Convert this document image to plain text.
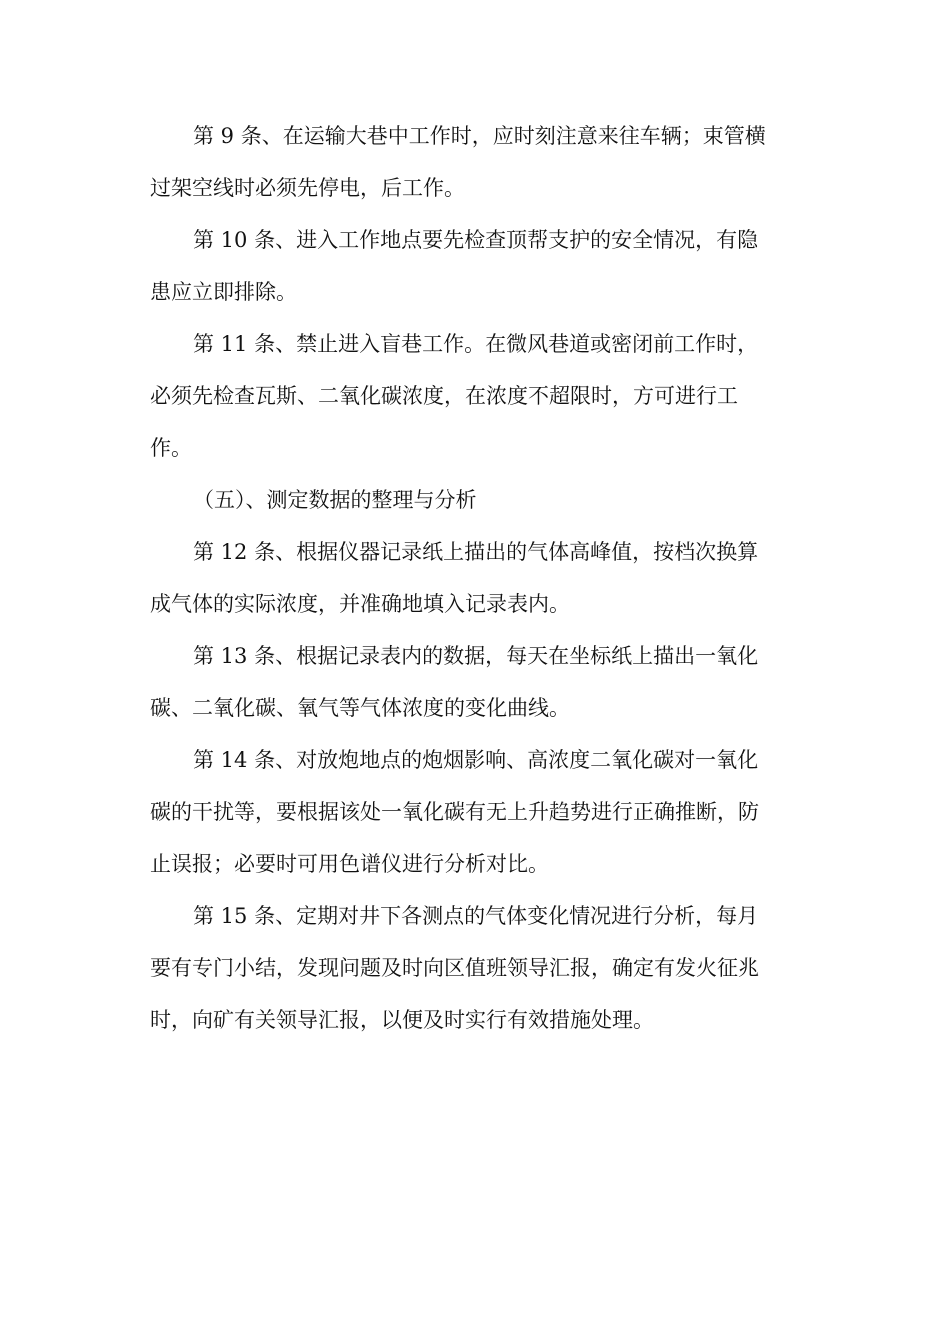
第 9 条、在运输大巷中工作时，应时刻注意来往车辆；束管横
过架空线时必须先停电，后工作。
第 10 条、进入工作地点要先检查顶帮支护的安全情况，有隐
患应立即排除。
第 11 条、禁止进入盲巷工作。在微风巷道或密闭前工作时，
必须先检查瓦斯、二氧化碳浓度，在浓度不超限时，方可进行工
作。
（五）、测定数据的整理与分析
第 12 条、根据仪器记录纸上描出的气体高峰值，按档次换算
成气体的实际浓度，并准确地填入记录表内。
第 13 条、根据记录表内的数据，每天在坐标纸上描出一氧化
碳、二氧化碳、氧气等气体浓度的变化曲线。
第 14 条、对放炮地点的炮烟影响、高浓度二氧化碳对一氧化
碳的干扰等，要根据该处一氧化碳有无上升趋势进行正确推断，防
止误报；必要时可用色谱仪进行分析对比。
第 15 条、定期对井下各测点的气体变化情况进行分析，每月
要有专门小结，发现问题及时向区值班领导汇报，确定有发火征兆
时，向矿有关领导汇报，以便及时实行有效措施处理。
